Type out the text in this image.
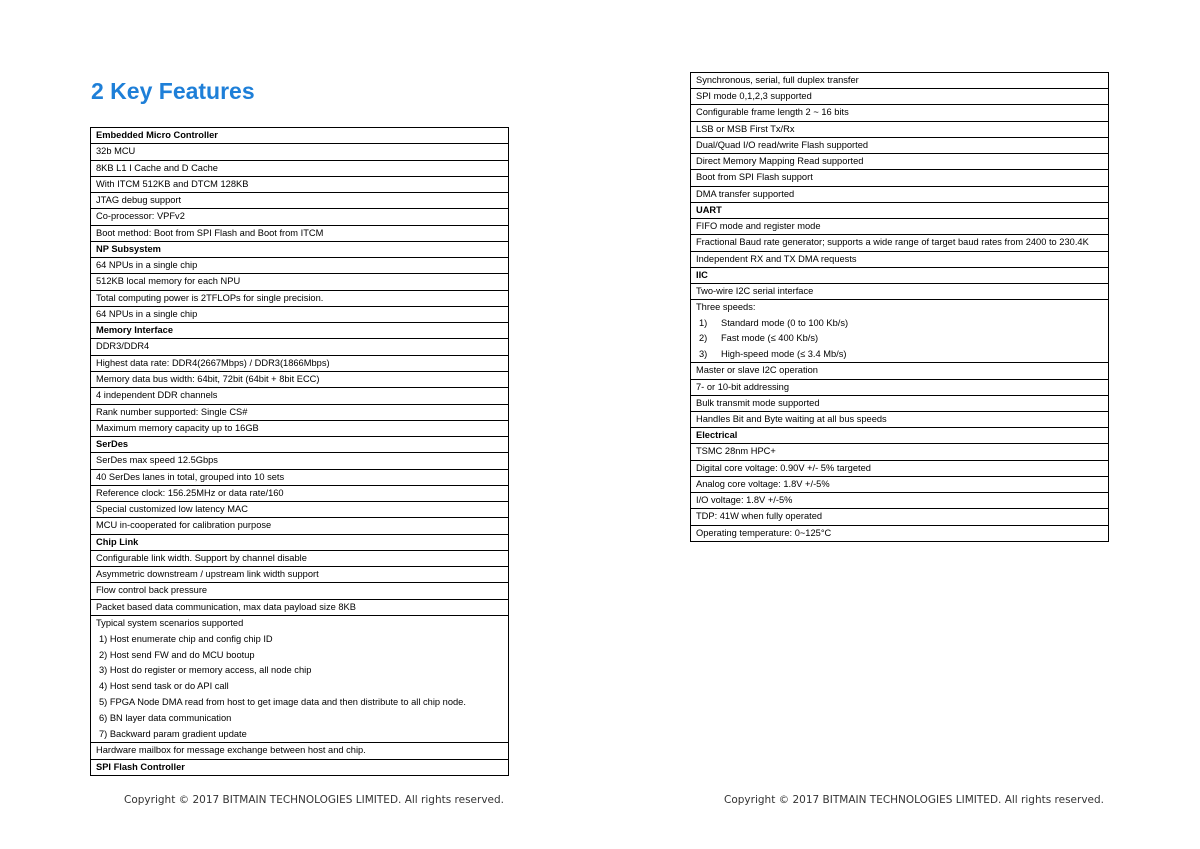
2 Key Features
Embedded Micro Controller
32b MCU
8KB L1 I Cache and D Cache
With ITCM 512KB and DTCM 128KB
JTAG debug support
Co-processor: VPFv2
Boot method: Boot from SPI Flash and Boot from ITCM
NP Subsystem
64 NPUs in a single chip
512KB local memory for each NPU
Total computing power is 2TFLOPs for single precision.
64 NPUs in a single chip
Memory Interface
DDR3/DDR4
Highest data rate: DDR4(2667Mbps) / DDR3(1866Mbps)
Memory data bus width: 64bit, 72bit (64bit + 8bit ECC)
4 independent DDR channels
Rank number supported: Single CS#
Maximum memory capacity up to 16GB
SerDes
SerDes max speed 12.5Gbps
40 SerDes lanes in total, grouped into 10 sets
Reference clock: 156.25MHz or data rate/160
Special customized low latency MAC
MCU in-cooperated for calibration purpose
Chip Link
Configurable link width. Support by channel disable
Asymmetric downstream / upstream link width support
Flow control back pressure
Packet based data communication, max data payload size 8KB

Typical system scenarios supported
1) Host enumerate chip and config chip ID
2) Host send FW and do MCU bootup
3) Host do register or memory access, all node chip
4) Host send task or do API call
5) FPGA Node DMA read from host to get image data and then distribute to all chip node.
6) BN layer data communication
7) Backward param gradient update

Hardware mailbox for message exchange between host and chip.
SPI Flash Controller
Synchronous, serial, full duplex transfer
SPI mode 0,1,2,3 supported
Configurable frame length 2 ~ 16 bits
LSB or MSB First Tx/Rx
Dual/Quad I/O read/write Flash supported
Direct Memory Mapping Read supported
Boot from SPI Flash support
DMA transfer supported
UART
FIFO mode and register mode
Fractional Baud rate generator; supports a wide range of target baud rates from 2400 to 230.4K
Independent RX and TX DMA requests
IIC
Two-wire I2C serial interface

Three speeds:
1) Standard mode (0 to 100 Kb/s)
2) Fast mode (≤ 400 Kb/s)
3) High-speed mode (≤ 3.4 Mb/s)

Master or slave I2C operation
7- or 10-bit addressing
Bulk transmit mode supported
Handles Bit and Byte waiting at all bus speeds
Electrical
TSMC 28nm HPC+
Digital core voltage: 0.90V +/- 5% targeted
Analog core voltage: 1.8V +/-5%
I/O voltage: 1.8V +/-5%
TDP: 41W when fully operated
Operating temperature: 0~125°C
Copyright © 2017 BITMAIN TECHNOLOGIES LIMITED. All rights reserved.	Copyright © 2017 BITMAIN TECHNOLOGIES LIMITED. All rights reserved.
